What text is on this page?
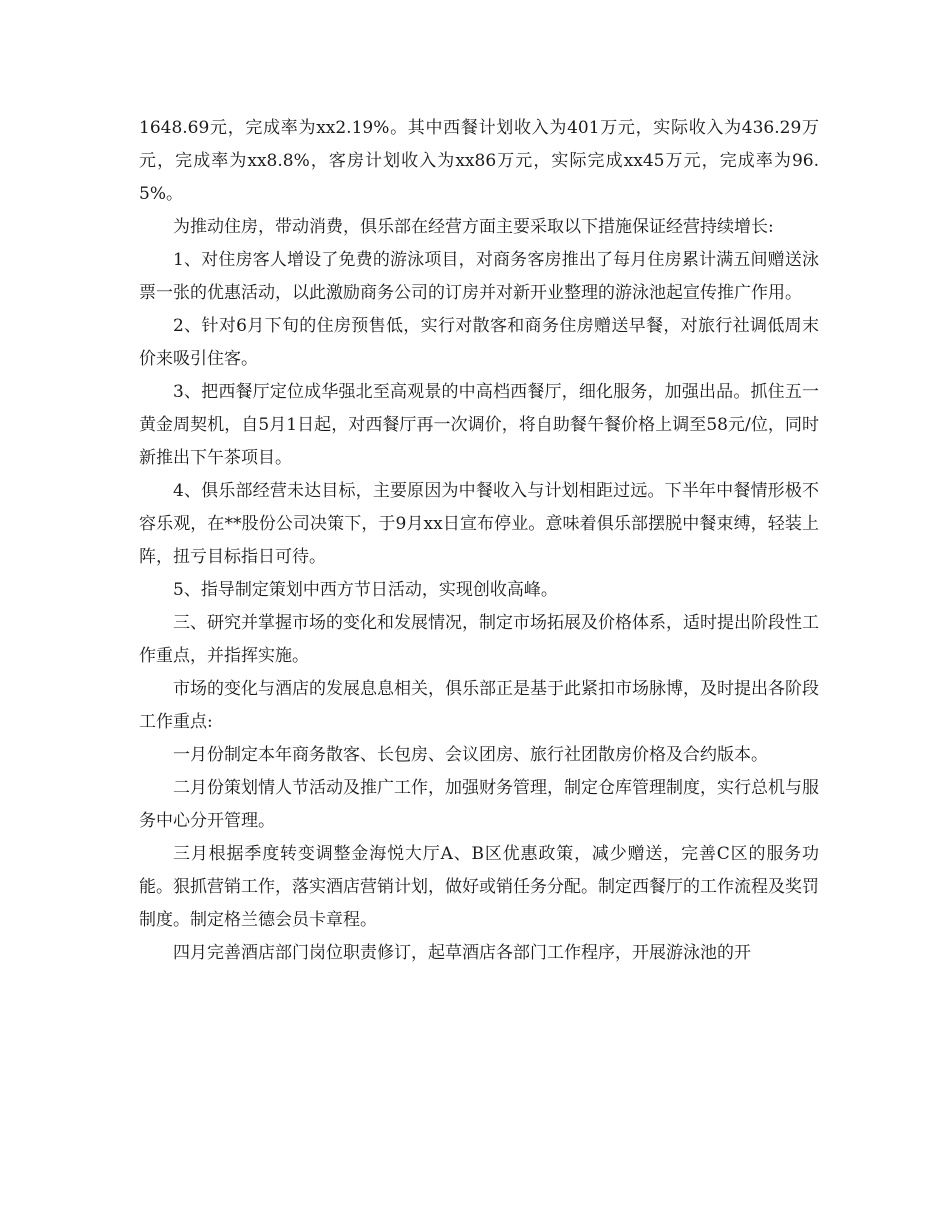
1648.69元，完成率为xx2.19%。其中西餐计划收入为401万元，实际收入为436.29万元，完成率为xx8.8%，客房计划收入为xx86万元，实际完成xx45万元，完成率为96.5%。

为推动住房，带动消费，俱乐部在经营方面主要采取以下措施保证经营持续增长:

1、对住房客人增设了免费的游泳项目，对商务客房推出了每月住房累计满五间赠送泳票一张的优惠活动，以此激励商务公司的订房并对新开业整理的游泳池起宣传推广作用。

2、针对6月下旬的住房预售低，实行对散客和商务住房赠送早餐，对旅行社调低周末价来吸引住客。

3、把西餐厅定位成华强北至高观景的中高档西餐厅，细化服务，加强出品。抓住五一黄金周契机，自5月1日起，对西餐厅再一次调价，将自助餐午餐价格上调至58元/位，同时新推出下午茶项目。

4、俱乐部经营未达目标，主要原因为中餐收入与计划相距过远。下半年中餐情形极不容乐观，在**股份公司决策下，于9月xx日宣布停业。意味着俱乐部摆脱中餐束缚，轻装上阵，扭亏目标指日可待。

5、指导制定策划中西方节日活动，实现创收高峰。

三、研究并掌握市场的变化和发展情况，制定市场拓展及价格体系，适时提出阶段性工作重点，并指挥实施。

市场的变化与酒店的发展息息相关，俱乐部正是基于此紧扣市场脉博，及时提出各阶段工作重点:

一月份制定本年商务散客、长包房、会议团房、旅行社团散房价格及合约版本。

二月份策划情人节活动及推广工作，加强财务管理，制定仓库管理制度，实行总机与服务中心分开管理。

三月根据季度转变调整金海悦大厅A、B区优惠政策，减少赠送，完善C区的服务功能。狠抓营销工作，落实酒店营销计划，做好或销任务分配。制定西餐厅的工作流程及奖罚制度。制定格兰德会员卡章程。

四月完善酒店部门岗位职责修订，起草酒店各部门工作程序，开展游泳池的开
